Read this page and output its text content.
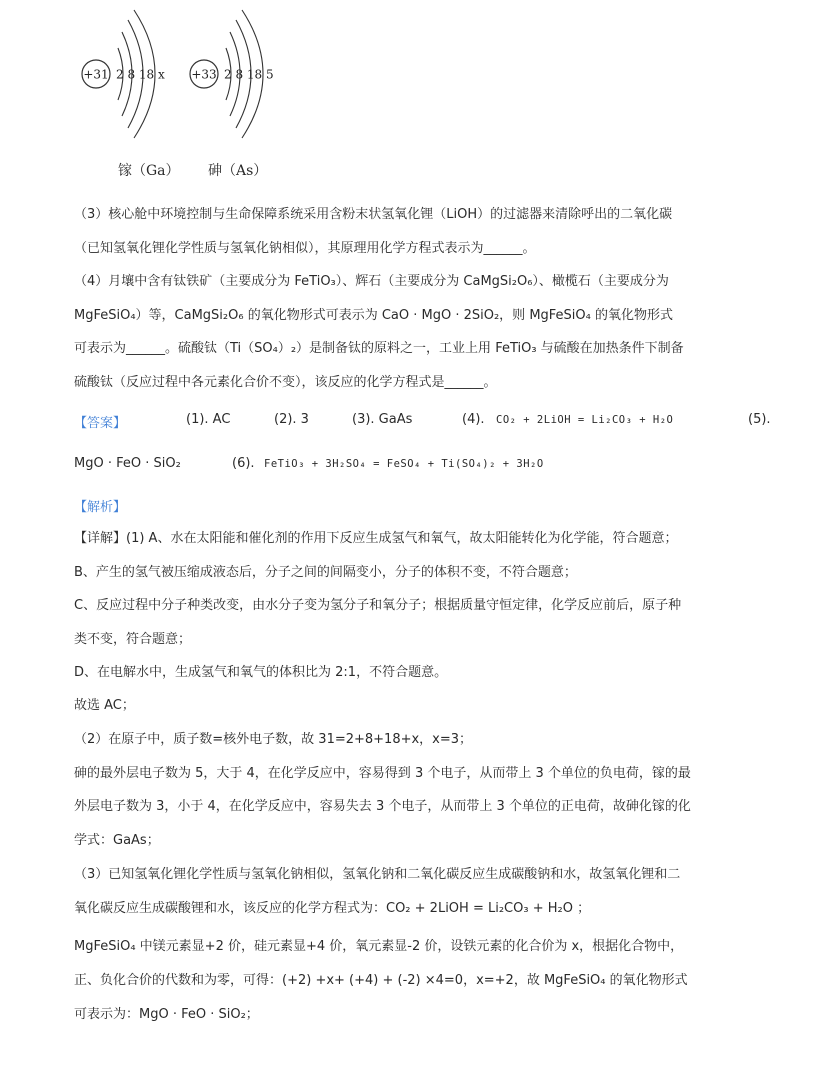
+31 2 8 18 x +33 2 8 18 5
镓（Ga） 砷（As）
（3）核心舱中环境控制与生命保障系统采用含粉末状氢氧化锂（LiOH）的过滤器来清除呼出的二氧化碳
（已知氢氧化锂化学性质与氢氧化钠相似），其原理用化学方程式表示为______。
（4）月壤中含有钛铁矿（主要成分为 FeTiO₃）、辉石（主要成分为 CaMgSi₂O₆）、橄榄石（主要成分为
MgFeSiO₄）等，CaMgSi₂O₆ 的氧化物形式可表示为 CaO · MgO · 2SiO₂，则 MgFeSiO₄ 的氧化物形式
可表示为______。硫酸钛（Ti（SO₄）₂）是制备钛的原料之一，工业上用 FeTiO₃ 与硫酸在加热条件下制备
硫酸钛（反应过程中各元素化合价不变），该反应的化学方程式是______。
【答案】	(1). AC	(2). 3	(3). GaAs	(4). CO₂ + 2LiOH = Li₂CO₃ + H₂O	(5).
MgO · FeO · SiO₂	(6). FeTiO₃ + 3H₂SO₄ = FeSO₄ + Ti(SO₄)₂ + 3H₂O
【解析】
【详解】(1) A、水在太阳能和催化剂的作用下反应生成氢气和氧气，故太阳能转化为化学能，符合题意；
B、产生的氢气被压缩成液态后，分子之间的间隔变小，分子的体积不变，不符合题意；
C、反应过程中分子种类改变，由水分子变为氢分子和氧分子；根据质量守恒定律，化学反应前后，原子种
类不变，符合题意；
D、在电解水中，生成氢气和氧气的体积比为 2:1，不符合题意。
故选 AC；
（2）在原子中，质子数=核外电子数，故 31=2+8+18+x，x=3；
砷的最外层电子数为 5，大于 4，在化学反应中，容易得到 3 个电子，从而带上 3 个单位的负电荷，镓的最
外层电子数为 3，小于 4，在化学反应中，容易失去 3 个电子，从而带上 3 个单位的正电荷，故砷化镓的化
学式：GaAs；
（3）已知氢氧化锂化学性质与氢氧化钠相似，氢氧化钠和二氧化碳反应生成碳酸钠和水，故氢氧化锂和二
氧化碳反应生成碳酸锂和水，该反应的化学方程式为：CO₂ + 2LiOH = Li₂CO₃ + H₂O ；
MgFeSiO₄ 中镁元素显+2 价，硅元素显+4 价，氧元素显-2 价，设铁元素的化合价为 x，根据化合物中，
正、负化合价的代数和为零，可得：(+2) +x+ (+4) + (-2) ×4=0，x=+2，故 MgFeSiO₄ 的氧化物形式
可表示为：MgO · FeO · SiO₂；
